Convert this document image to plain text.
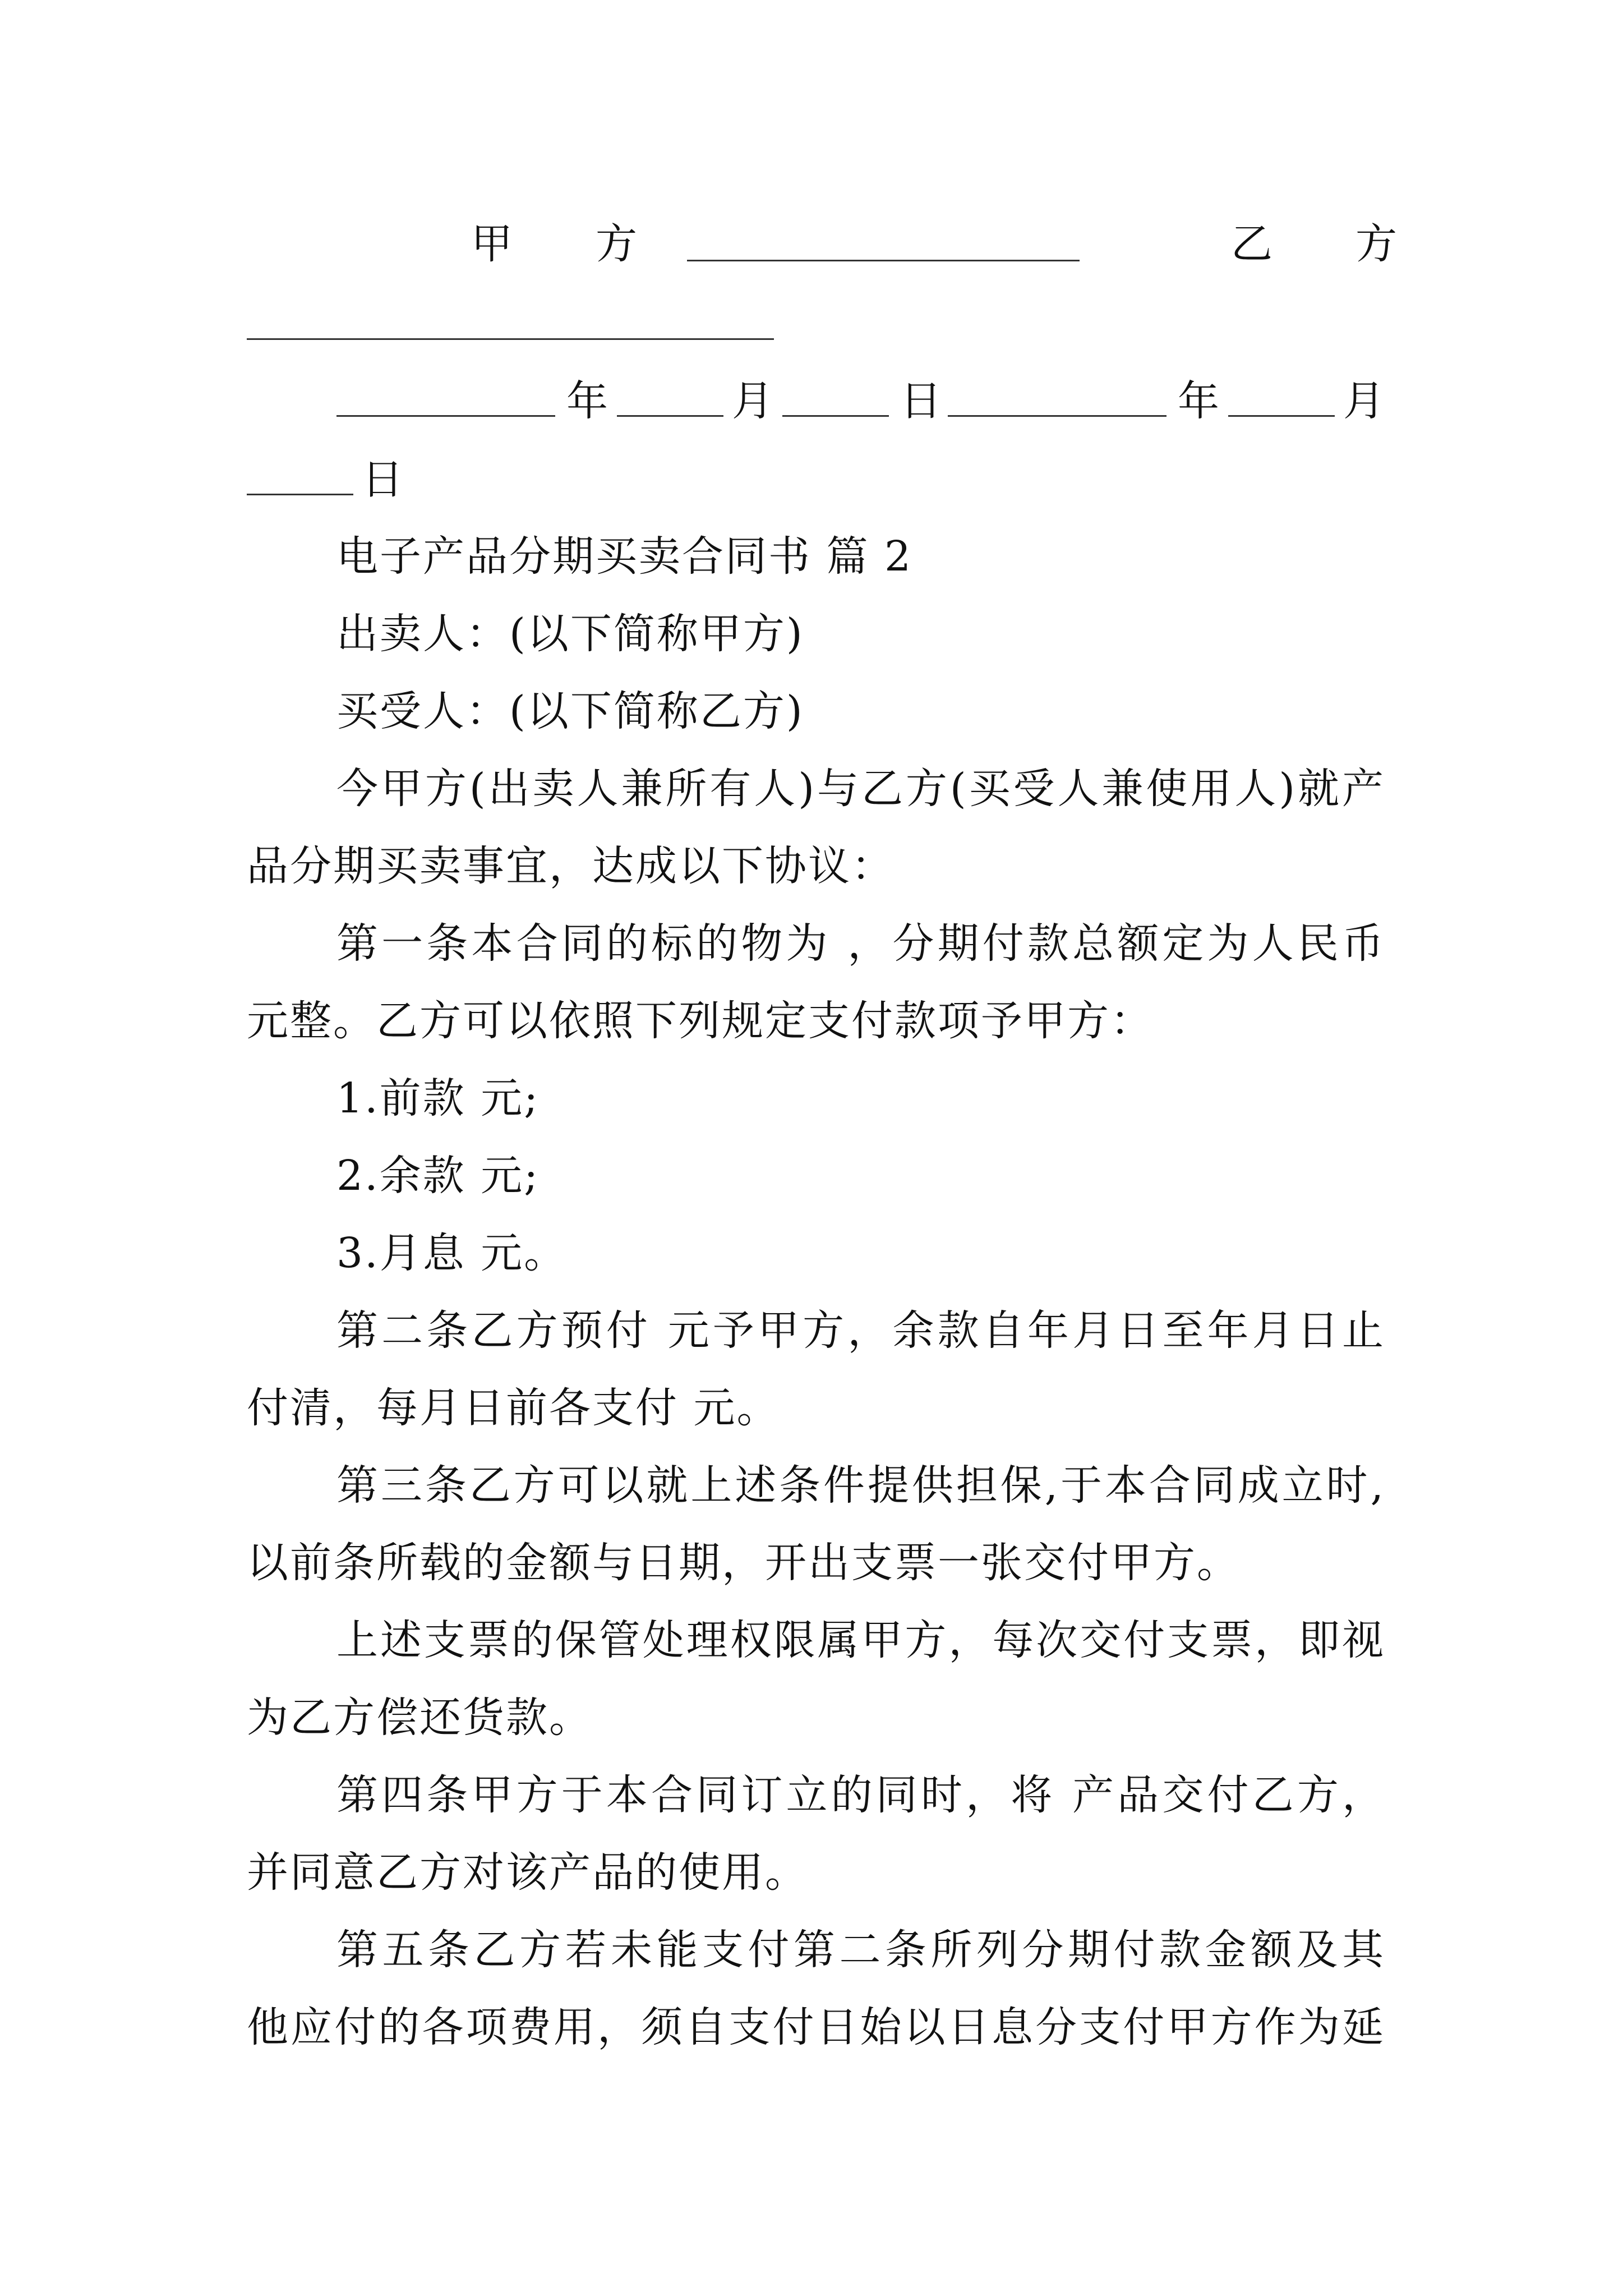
甲　　方	乙　　方
年	月	日	年	月
日
电子产品分期买卖合同书 篇 2
出卖人：(以下简称甲方)
买受人：(以下简称乙方)
今甲方(出卖人兼所有人)与乙方(买受人兼使用人)就产
品分期买卖事宜，达成以下协议：
第一条本合同的标的物为 ，分期付款总额定为人民币
元整。乙方可以依照下列规定支付款项予甲方：
1.前款 元;
2.余款 元;
3.月息 元。
第二条乙方预付 元予甲方，余款自年月日至年月日止
付清，每月日前各支付 元。
第三条乙方可以就上述条件提供担保,于本合同成立时,
以前条所载的金额与日期，开出支票一张交付甲方。
上述支票的保管处理权限属甲方，每次交付支票，即视
为乙方偿还货款。
第四条甲方于本合同订立的同时，将 产品交付乙方，
并同意乙方对该产品的使用。
第五条乙方若未能支付第二条所列分期付款金额及其
他应付的各项费用，须自支付日始以日息分支付甲方作为延
